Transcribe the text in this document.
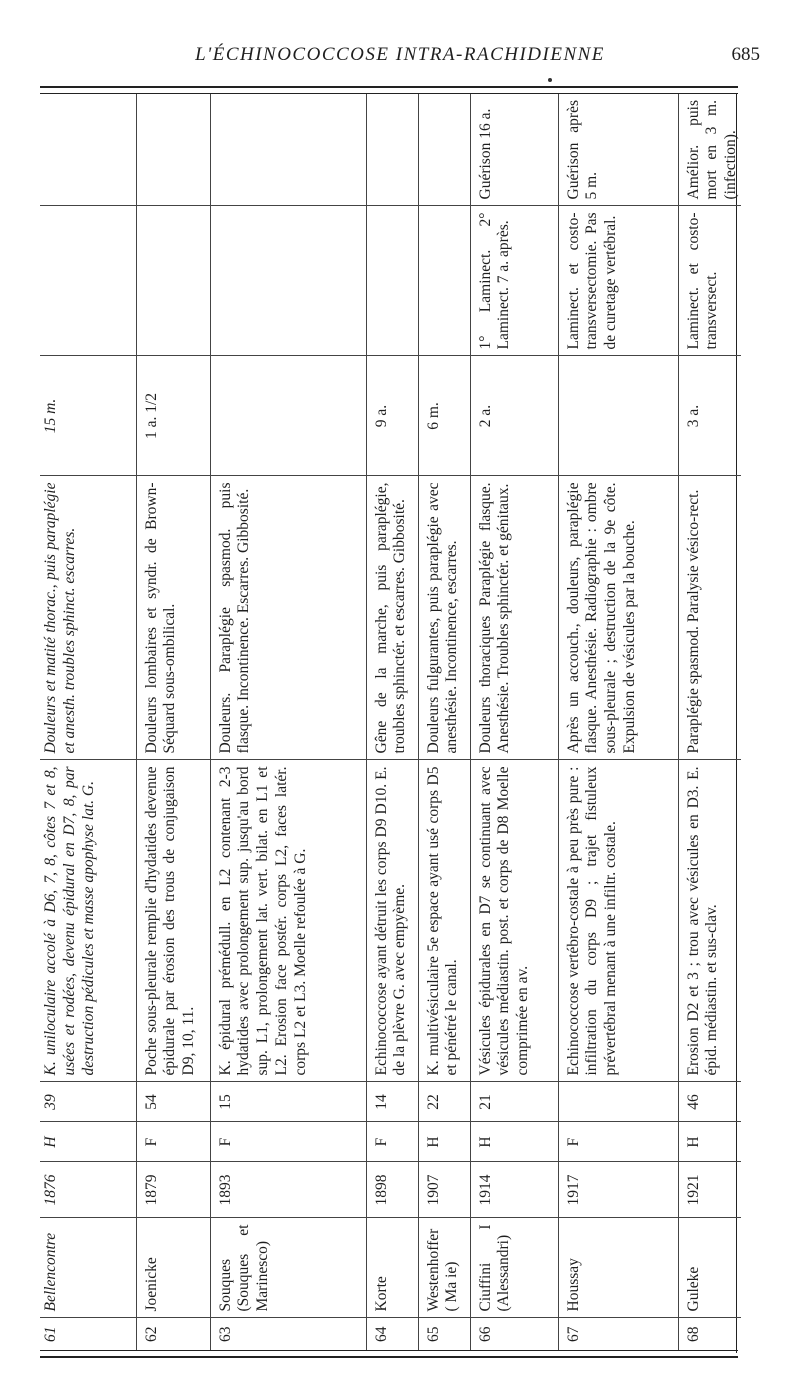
L'ÉCHINOCOCCOSE INTRA-RACHIDIENNE	685
61	Bellencontre	1876	H	39	K. uniloculaire accolé à D6, 7, 8, côtes 7 et 8, usées et rodées, devenu épidural en D7, 8, par destruction pédicules et masse apophyse lat. G.	Douleurs et matité thorac., puis paraplégie et anesth. troubles sphinct. escarres.	15 m.		
62	Joenicke	1879	F	54	Poche sous-pleurale remplie d'hydatides devenue épidurale par érosion des trous de conjugaison D9, 10, 11.	Douleurs lombaires et syndr. de Brown-Séquard sous-ombilical.	1 a. 1/2		
63	Souques (Souques et Marinesco)	1893	F	15	K. épidural prémédull. en L2 contenant 2-3 hydatides avec prolongement sup. jusqu'au bord sup. L1, prolongement lat. vert. bilat. en L1 et L2. Erosion face postér. corps L2, faces latér. corps L2 et L3. Moelle refoulée à G.	Douleurs. Paraplégie spasmod. puis flasque. Incontinence. Escarres. Gibbosité.			
64	Korte	1898	F	14	Echinococcose ayant détruit les corps D9 D10. E. de la plèvre G. avec empyème.	Gêne de la marche, puis paraplégie, troubles sphinctér. et escarres. Gibbosité.	9 a.		
65	Westenhoffer ( Ma ie)	1907	H	22	K. multivésiculaire 5e espace ayant usé corps D5 et pénétré le canal.	Douleurs fulgurantes, puis paraplégie avec anesthésie. Incontinence, escarres.	6 m.		
66	Ciuffini I (Alessandri)	1914	H	21	Vésicules épidurales en D7 se continuant avec vésicules médiastin. post. et corps de D8 Moelle comprimée en av.	Douleurs thoraciques Paraplégie flasque. Anesthésie. Troubles sphinctér. et génitaux.	2 a.	1° Laminect. 2° Laminect. 7 a. après.	Guérison 16 a.
67	Houssay	1917	F		Echinococcose vertébro-costale à peu près pure : infiltration du corps D9 ; trajet fistuleux prévertébral menant à une infiltr. costale.	Après un accouch., douleurs, paraplégie flasque. Anesthésie. Radiographie : ombre sous-pleurale ; destruction de la 9e côte. Expulsion de vésicules par la bouche.		Laminect. et costo-transversectomie. Pas de curetage vertébral.	Guérison après 5 m.
68	Guleke	1921	H	46	Erosion D2 et 3 ; trou avec vésicules en D3. E. épid. médiastin. et sus-clav.	Paraplégie spasmod. Paralysie vésico-rect.	3 a.	Laminect. et costo-transversect.	Amélior. puis mort en 3 m. (infection).
